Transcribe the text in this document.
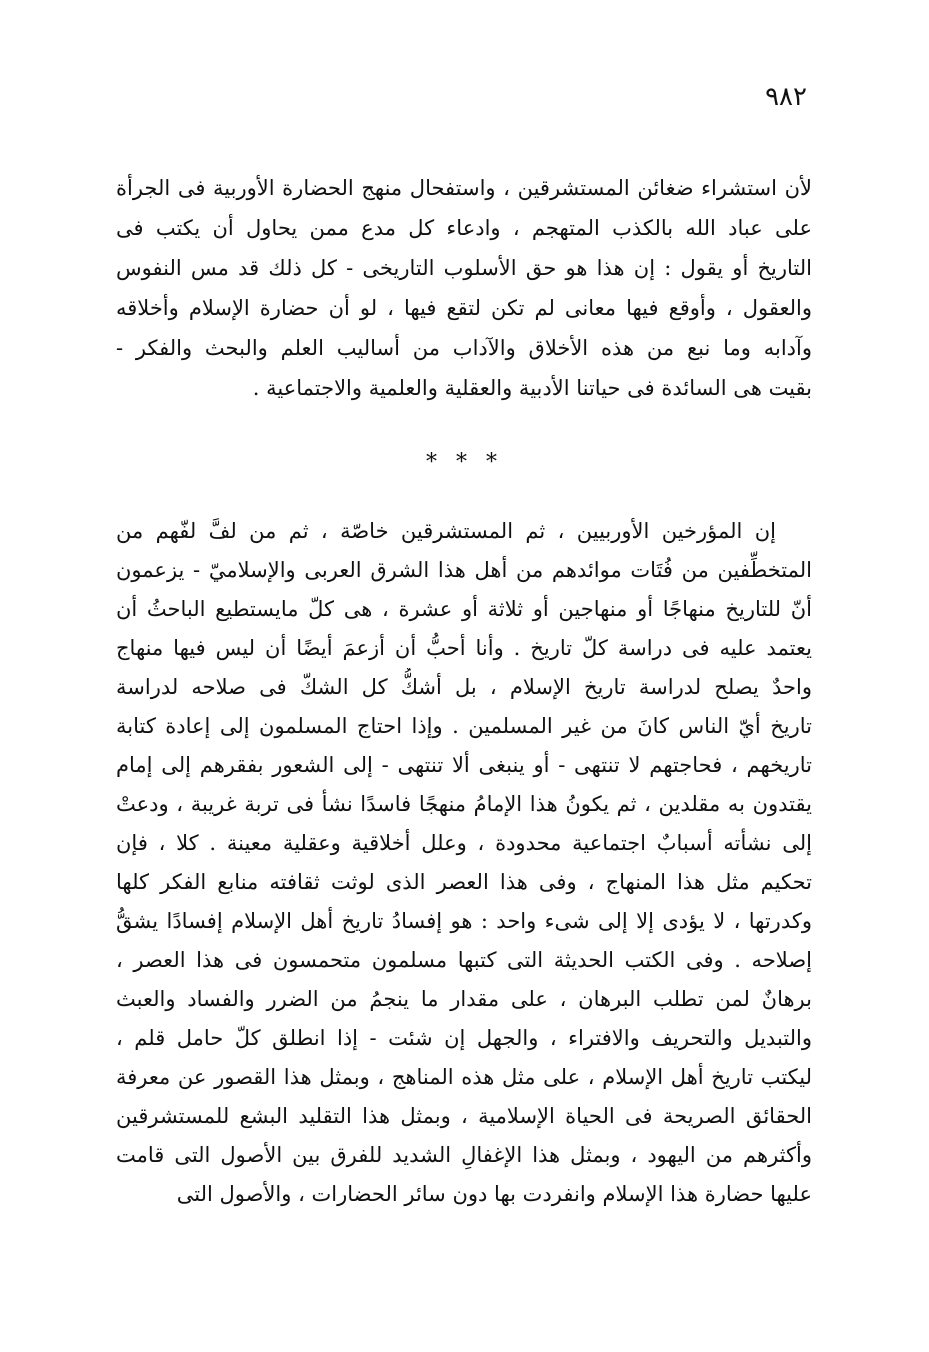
٩٨٢
لأن استشراء ضغائن المستشرقين ، واستفحال منهج الحضارة الأوربية فى الجرأة
على عباد الله بالكذب المتهجم ، وادعاء كل مدع ممن يحاول أن يكتب فى
التاريخ أو يقول : إن هذا هو حق الأسلوب التاريخى - كل ذلك قد مس النفوس
والعقول ، وأوقع فيها معانى لم تكن لتقع فيها ، لو أن حضارة الإسلام وأخلاقه
وآدابه وما نبع من هذه الأخلاق والآداب من أساليب العلم والبحث والفكر -
بقيت هى السائدة فى حياتنا الأدبية والعقلية والعلمية والاجتماعية .
* * *
إن المؤرخين الأوربيين ، ثم المستشرقين خاصّة ، ثم من لفَّ لفّهم من
المتخطِّفين من فُتَات موائدهم من أهل هذا الشرق العربى والإسلاميّ - يزعمون
أنّ للتاريخ منهاجًا أو منهاجين أو ثلاثة أو عشرة ، هى كلّ مايستطيع الباحثُ أن
يعتمد عليه فى دراسة كلّ تاريخ . وأنا أحبُّ أن أزعمَ أيضًا أن ليس فيها منهاج
واحدٌ يصلح لدراسة تاريخ الإسلام ، بل أشكُّ كل الشكّ فى صلاحه لدراسة
تاريخ أيّ الناس كانَ من غير المسلمين . وإذا احتاج المسلمون إلى إعادة كتابة
تاريخهم ، فحاجتهم لا تنتهى - أو ينبغى ألا تنتهى - إلى الشعور بفقرهم إلى إمام
يقتدون به مقلدين ، ثم يكونُ هذا الإمامُ منهجًا فاسدًا نشأ فى تربة غريبة ، ودعتْ
إلى نشأته أسبابٌ اجتماعية محدودة ، وعلل أخلاقية وعقلية معينة . كلا ، فإن
تحكيم مثل هذا المنهاج ، وفى هذا العصر الذى لوثت ثقافته منابع الفكر كلها
وكدرتها ، لا يؤدى إلا إلى شىء واحد : هو إفسادُ تاريخ أهل الإسلام إفسادًا يشقُّ
إصلاحه . وفى الكتب الحديثة التى كتبها مسلمون متحمسون فى هذا العصر ،
برهانٌ لمن تطلب البرهان ، على مقدار ما ينجمُ من الضرر والفساد والعبث
والتبديل والتحريف والافتراء ، والجهل إن شئت - إذا انطلق كلّ حامل قلم ،
ليكتب تاريخ أهل الإسلام ، على مثل هذه المناهج ، وبمثل هذا القصور عن معرفة
الحقائق الصريحة فى الحياة الإسلامية ، وبمثل هذا التقليد البشع للمستشرقين
وأكثرهم من اليهود ، وبمثل هذا الإغفالِ الشديد للفرق بين الأصول التى قامت
عليها حضارة هذا الإسلام وانفردت بها دون سائر الحضارات ، والأصول التى
